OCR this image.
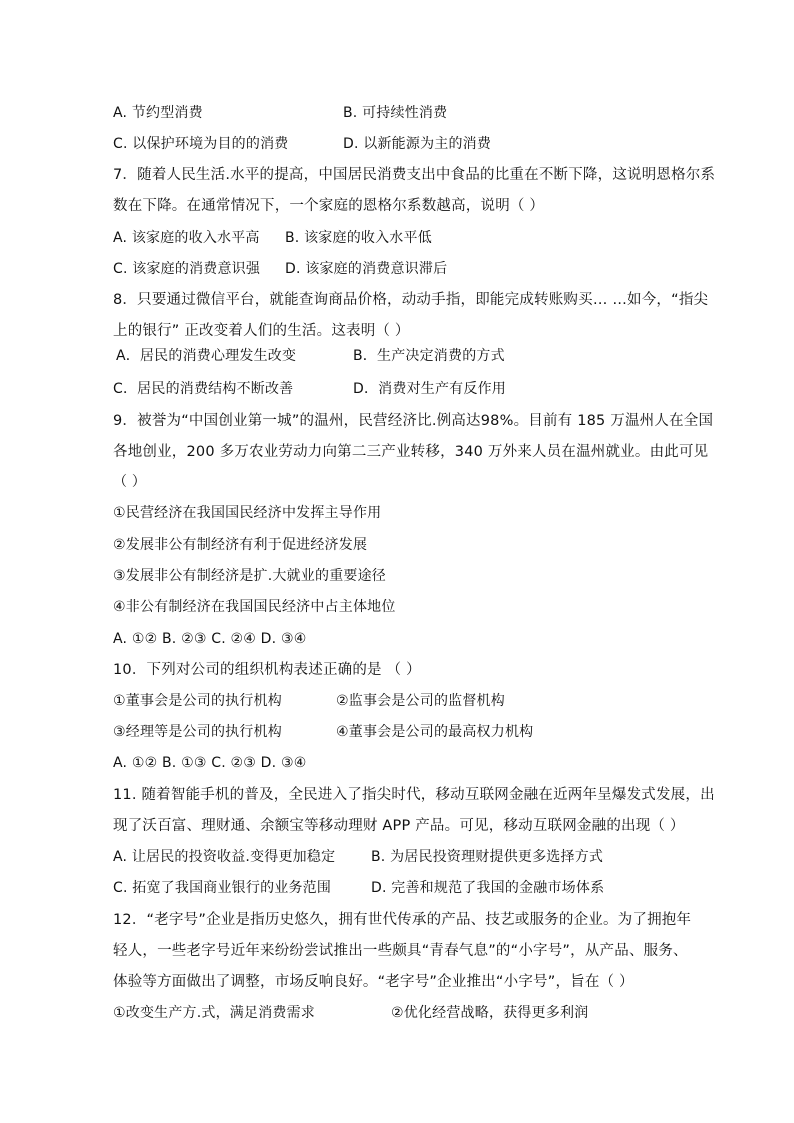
A. 节约型消费	B. 可持续性消费
C. 以保护环境为目的的消费	D. 以新能源为主的消费
7．随着人民生活.水平的提高，中国居民消费支出中食品的比重在不断下降，这说明恩格尔系
数在下降。在通常情况下，一个家庭的恩格尔系数越高，说明（ ）
A. 该家庭的收入水平高 B. 该家庭的收入水平低
C. 该家庭的消费意识强 D. 该家庭的消费意识滞后
8．只要通过微信平台，就能查询商品价格，动动手指，即能完成转账购买… …如今，“指尖
上的银行” 正改变着人们的生活。这表明（ ）
A．居民的消费心理发生改变	B．生产决定消费的方式
C．居民的消费结构不断改善	D．消费对生产有反作用
9．被誉为“中国创业第一城”的温州，民营经济比.例高达98%。目前有 185 万温州人在全国
各地创业，200 多万农业劳动力向第二三产业转移，340 万外来人员在温州就业。由此可见
（ ）
①民营经济在我国国民经济中发挥主导作用
②发展非公有制经济有利于促进经济发展
③发展非公有制经济是扩.大就业的重要途径
④非公有制经济在我国国民经济中占主体地位
A. ①② B. ②③ C. ②④ D. ③④
10．下列对公司的组织机构表述正确的是 （ ）
①董事会是公司的执行机构	②监事会是公司的监督机构
③经理等是公司的执行机构	④董事会是公司的最高权力机构
A. ①② B. ①③ C. ②③ D. ③④
11. 随着智能手机的普及，全民进入了指尖时代，移动互联网金融在近两年呈爆发式发展，出
现了沃百富、理财通、余额宝等移动理财 APP 产品。可见，移动互联网金融的出现（ ）
A. 让居民的投资收益.变得更加稳定	B. 为居民投资理财提供更多选择方式
C. 拓宽了我国商业银行的业务范围	D. 完善和规范了我国的金融市场体系
12．“老字号”企业是指历史悠久，拥有世代传承的产品、技艺或服务的企业。为了拥抱年
轻人，一些老字号近年来纷纷尝试推出一些颇具“青春气息”的“小字号”，从产品、服务、
体验等方面做出了调整，市场反响良好。“老字号”企业推出“小字号”，旨在（ ）
①改变生产方.式，满足消费需求	②优化经营战略，获得更多利润
